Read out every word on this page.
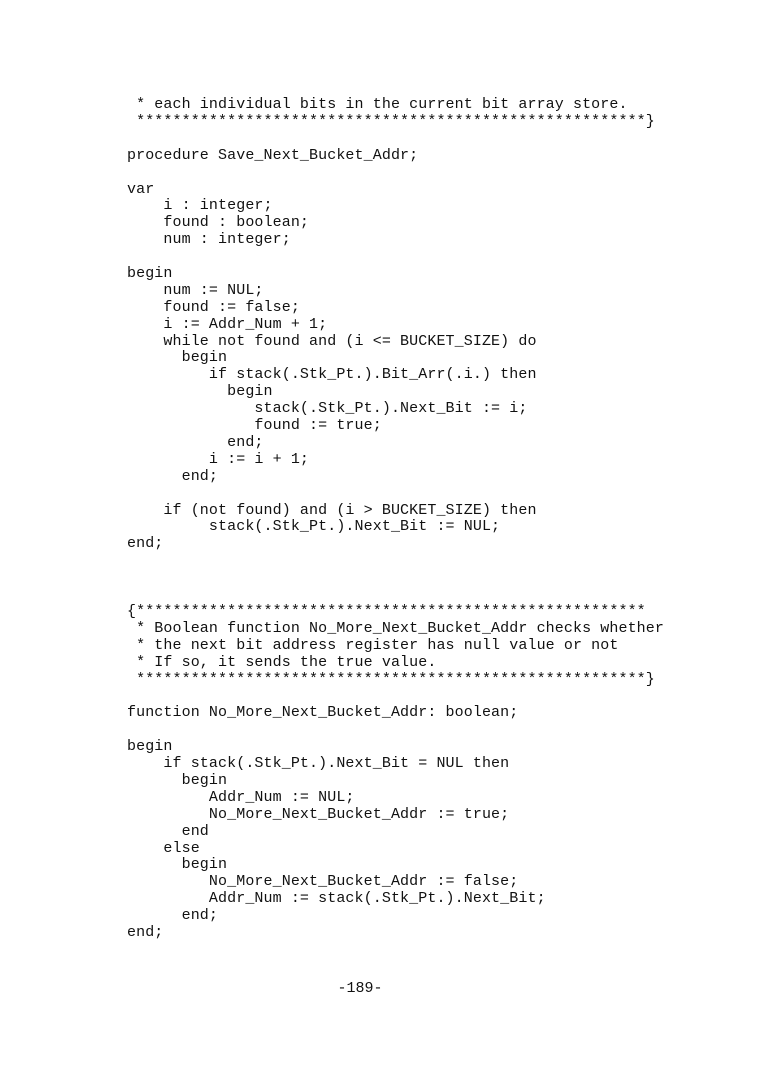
* each individual bits in the current bit array store.
********************************************************}
procedure Save_Next_Bucket_Addr;
var
i : integer;
found : boolean;
num : integer;
begin
num := NUL;
found := false;
i := Addr_Num + 1;
while not found and (i <= BUCKET_SIZE) do
begin
if stack(.Stk_Pt.).Bit_Arr(.i.) then
begin
stack(.Stk_Pt.).Next_Bit := i;
found := true;
end;
i := i + 1;
end;
if (not found) and (i > BUCKET_SIZE) then
stack(.Stk_Pt.).Next_Bit := NUL;
end;
{********************************************************
* Boolean function No_More_Next_Bucket_Addr checks whether
* the next bit address register has null value or not
* If so, it sends the true value.
********************************************************}
function No_More_Next_Bucket_Addr: boolean;
begin
if stack(.Stk_Pt.).Next_Bit = NUL then
begin
Addr_Num := NUL;
No_More_Next_Bucket_Addr := true;
end
else
begin
No_More_Next_Bucket_Addr := false;
Addr_Num := stack(.Stk_Pt.).Next_Bit;
end;
end;
-189-
